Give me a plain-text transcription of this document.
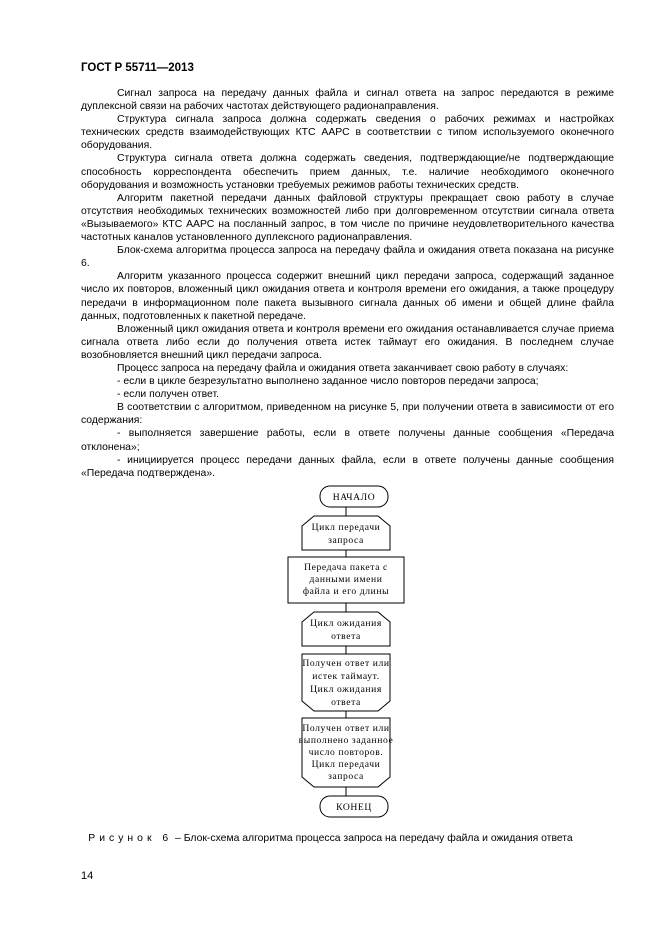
ГОСТ Р 55711—2013

Сигнал запроса на передачу данных файла и сигнал ответа на запрос передаются в режиме дуплексной связи на рабочих частотах действующего радионаправления.

Структура сигнала запроса должна содержать сведения о рабочих режимах и настройках технических средств взаимодействующих КТС ААРС в соответствии с типом используемого оконечного оборудования.

Структура сигнала ответа должна содержать сведения, подтверждающие/не подтверждающие способность корреспондента обеспечить прием данных, т.е. наличие необходимого оконечного оборудования и возможность установки требуемых режимов работы технических средств.

Алгоритм пакетной передачи данных файловой структуры прекращает свою работу в случае отсутствия необходимых технических возможностей либо при долговременном отсутствии сигнала ответа «Вызываемого» КТС ААРС на посланный запрос, в том числе по причине неудовлетворительного качества частотных каналов установленного дуплексного радионаправления.

Блок-схема алгоритма процесса запроса на передачу файла и ожидания ответа показана на рисунке 6.

Алгоритм указанного процесса содержит внешний цикл передачи запроса, содержащий заданное число их повторов, вложенный цикл ожидания ответа и контроля времени его ожидания, а также процедуру передачи в информационном поле пакета вызывного сигнала данных об имени и общей длине файла данных, подготовленных к пакетной передаче.

Вложенный цикл ожидания ответа и контроля времени его ожидания останавливается случае приема сигнала ответа либо если до получения ответа истек таймаут его ожидания. В последнем случае возобновляется внешний цикл передачи запроса.

Процесс запроса на передачу файла и ожидания ответа заканчивает свою работу в случаях:

- если в цикле безрезультатно выполнено заданное число повторов передачи запроса;

- если получен ответ.

В соответствии с алгоритмом, приведенном на рисунке 5, при получении ответа в зависимости от его содержания:

- выполняется завершение работы, если в ответе получены данные сообщения «Передача отклонена»;

- инициируется процесс передачи данных файла, если в ответе получены данные сообщения «Передача подтверждена».

НАЧАЛО
Цикл передачи
запроса
Передача пакета с
данными имени
файла и его длины
Цикл ожидания
ответа
Получен ответ или
истек таймаут.
Цикл ожидания
ответа
Получен ответ или
выполнено заданное
число повторов.
Цикл передачи
запроса
КОНЕЦ
Рисунок 6 – Блок-схема алгоритма процесса запроса на передачу файла и ожидания ответа
14
